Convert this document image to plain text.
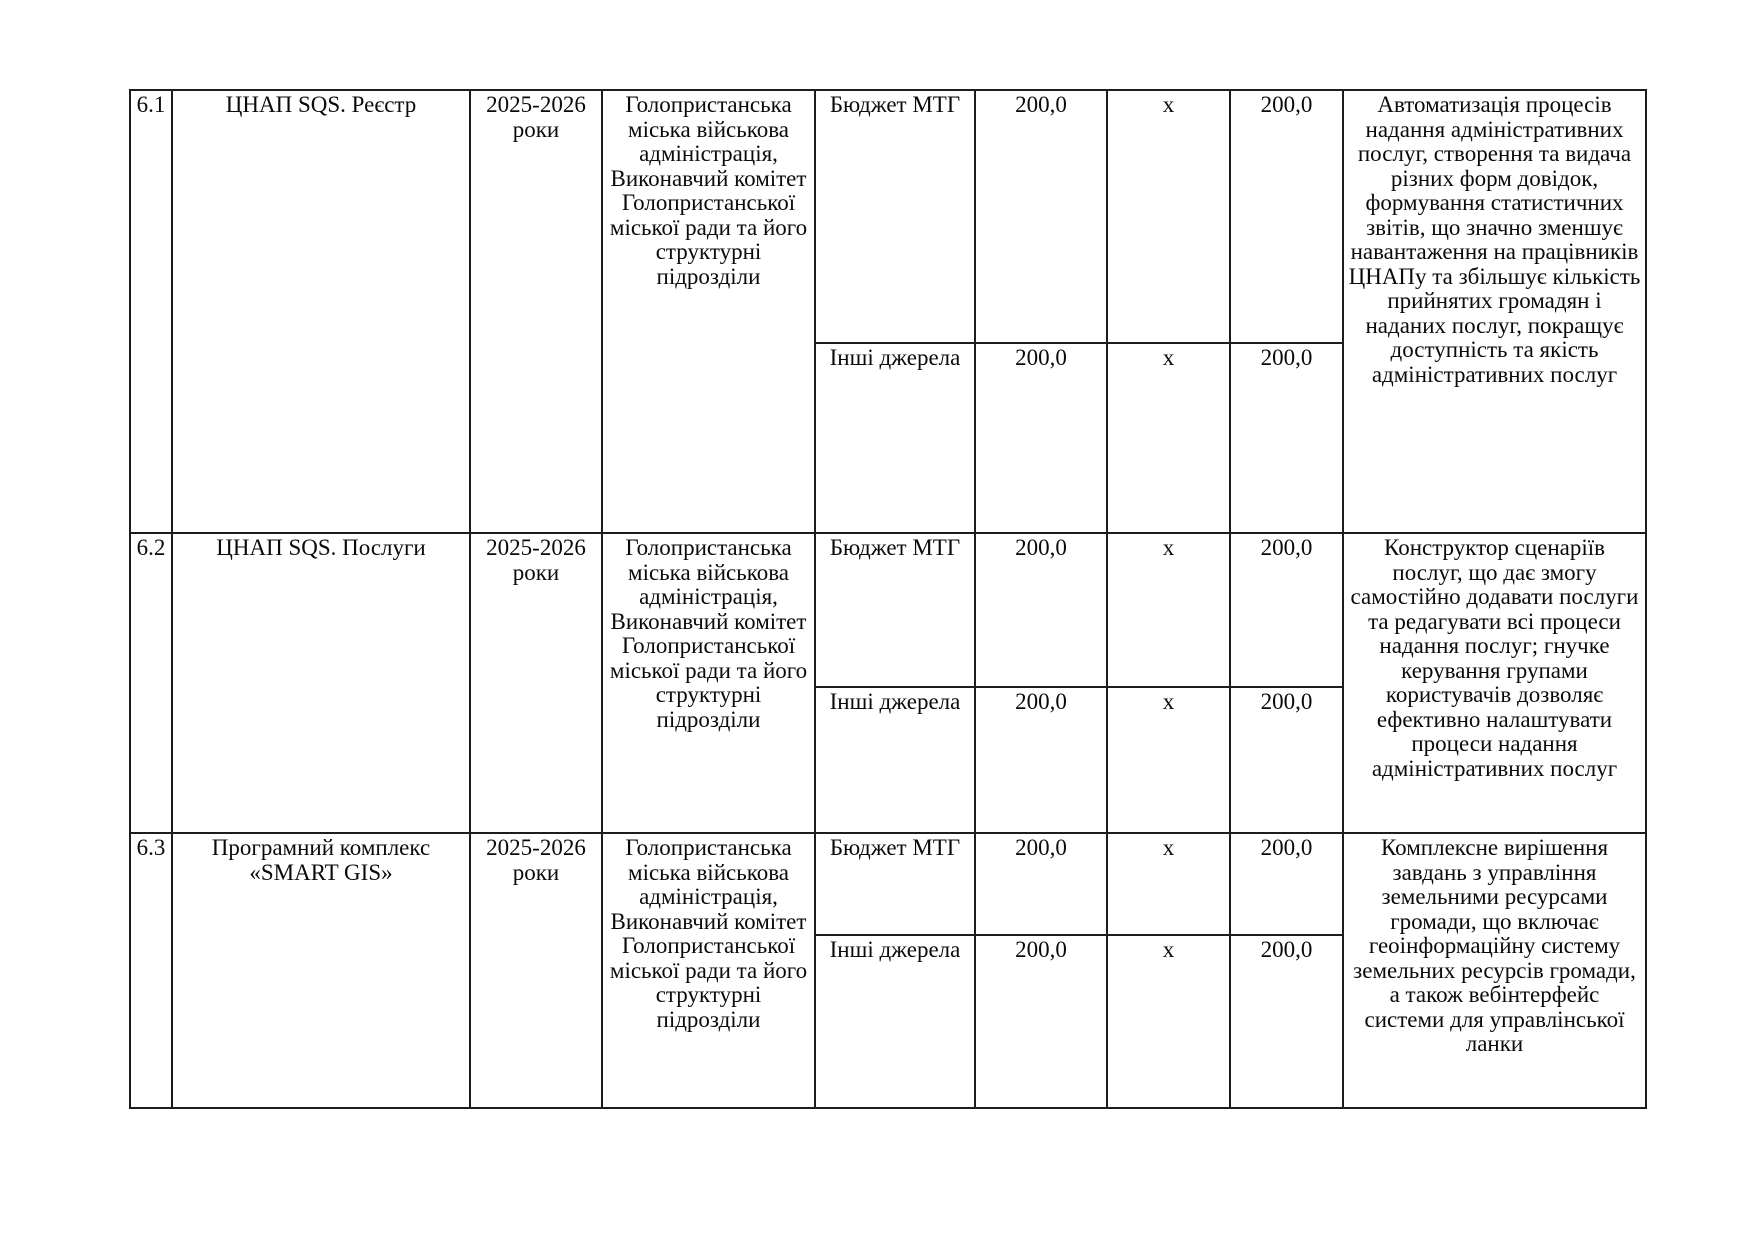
6.1	ЦНАП SQS. Реєстр	2025-2026 роки	Голопристанська міська військова адміністрація, Виконавчий комітет Голопристанської міської ради та його структурні підрозділи	Бюджет МТГ	200,0	х	200,0	Автоматизація процесів надання адміністративних послуг, створення та видача різних форм довідок, формування статистичних звітів, що значно зменшує навантаження на працівників ЦНАПу та збільшує кількість прийнятих громадян і наданих послуг, покращує доступність та якість адміністративних послуг
				Інші джерела	200,0	х	200,0	
6.2	ЦНАП SQS. Послуги	2025-2026 роки	Голопристанська міська військова адміністрація, Виконавчий комітет Голопристанської міської ради та його структурні підрозділи	Бюджет МТГ	200,0	х	200,0	Конструктор сценаріїв послуг, що дає змогу самостійно додавати послуги та редагувати всі процеси надання послуг; гнучке керування групами користувачів дозволяє ефективно налаштувати процеси надання адміністративних послуг
				Інші джерела	200,0	х	200,0	
6.3	Програмний комплекс «SMART GIS»	2025-2026 роки	Голопристанська міська військова адміністрація, Виконавчий комітет Голопристанської міської ради та його структурні підрозділи	Бюджет МТГ	200,0	х	200,0	Комплексне вирішення завдань з управління земельними ресурсами громади, що включає геоінформаційну систему земельних ресурсів громади, а також вебінтерфейс системи для управлінської ланки
				Інші джерела	200,0	х	200,0	
